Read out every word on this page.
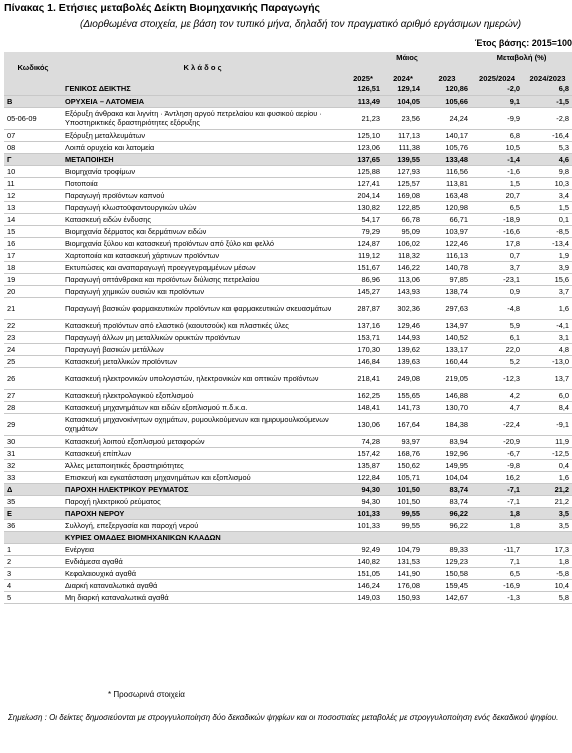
Πίνακας 1. Ετήσιες μεταβολές Δείκτη Βιομηχανικής Παραγωγής
(Διορθωμένα στοιχεία, με βάση τον τυπικό μήνα, δηλαδή τον πραγματικό αριθμό εργάσιμων ημερών)
Έτος βάσης: 2015=100
Κωδικός	Κ λ ά δ ο ς	Μάιος			Μεταβολή (%)	

		2025*	2024*	2023	2025/2024	2024/2023
	ΓΕΝΙΚΟΣ ΔΕΙΚΤΗΣ	126,51	129,14	120,86	-2,0	6,8
B	ΟΡΥΧΕΙΑ – ΛΑΤΟΜΕΙΑ	113,49	104,05	105,66	9,1	-1,5
05-06-09	Εξόρυξη άνθρακα και λιγνίτη · Άντληση αργού πετρελαίου και φυσικού αερίου · Υποστηρικτικές δραστηριότητες εξόρυξης	21,23	23,56	24,24	-9,9	-2,8
07	Εξόρυξη μεταλλευμάτων	125,10	117,13	140,17	6,8	-16,4
08	Λοιπά ορυχεία και λατομεία	123,06	111,38	105,76	10,5	5,3
Γ	ΜΕΤΑΠΟΙΗΣΗ	137,65	139,55	133,48	-1,4	4,6
10	Βιομηχανία τροφίμων	125,88	127,93	116,56	-1,6	9,8
11	Ποτοποιία	127,41	125,57	113,81	1,5	10,3
12	Παραγωγή προϊόντων καπνού	204,14	169,08	163,48	20,7	3,4
13	Παραγωγή κλωστοϋφαντουργικών υλών	130,82	122,85	120,98	6,5	1,5
14	Κατασκευή ειδών ένδυσης	54,17	66,78	66,71	-18,9	0,1
15	Βιομηχανία δέρματος και δερμάτινων ειδών	79,29	95,09	103,97	-16,6	-8,5
16	Βιομηχανία ξύλου και κατασκευή προϊόντων από ξύλο και φελλό	124,87	106,02	122,46	17,8	-13,4
17	Χαρτοποιία και κατασκευή χάρτινων προϊόντων	119,12	118,32	116,13	0,7	1,9
18	Εκτυπώσεις και αναπαραγωγή προεγγεγραμμένων μέσων	151,67	146,22	140,78	3,7	3,9
19	Παραγωγή οπτάνθρακα και προϊόντων διύλισης πετρελαίου	86,96	113,06	97,85	-23,1	15,6
20	Παραγωγή χημικών ουσιών και προϊόντων	145,27	143,93	138,74	0,9	3,7
21	Παραγωγή βασικών φαρμακευτικών προϊόντων και φαρμακευτικών σκευασμάτων	287,87	302,36	297,63	-4,8	1,6
22	Κατασκευή προϊόντων από ελαστικό (καουτσούκ) και πλαστικές ύλες	137,16	129,46	134,97	5,9	-4,1
23	Παραγωγή άλλων μη μεταλλικών ορυκτών προϊόντων	153,71	144,93	140,52	6,1	3,1
24	Παραγωγή βασικών μετάλλων	170,30	139,62	133,17	22,0	4,8
25	Κατασκευή μεταλλικών προϊόντων	146,84	139,63	160,44	5,2	-13,0
26	Κατασκευή ηλεκτρονικών υπολογιστών, ηλεκτρονικών και οπτικών προϊόντων	218,41	249,08	219,05	-12,3	13,7
27	Κατασκευή ηλεκτρολογικού εξοπλισμού	162,25	155,65	146,88	4,2	6,0
28	Κατασκευή μηχανημάτων και ειδών εξοπλισμού π.δ.κ.α.	148,41	141,73	130,70	4,7	8,4
29	Κατασκευή μηχανοκίνητων οχημάτων, ρυμουλκούμενων και ημιρυμουλκούμενων οχημάτων	130,06	167,64	184,38	-22,4	-9,1
30	Κατασκευή λοιπού εξοπλισμού μεταφορών	74,28	93,97	83,94	-20,9	11,9
31	Κατασκευή επίπλων	157,42	168,76	192,96	-6,7	-12,5
32	Άλλες μεταποιητικές δραστηριότητες	135,87	150,62	149,95	-9,8	0,4
33	Επισκευή και εγκατάσταση μηχανημάτων και εξοπλισμού	122,84	105,71	104,04	16,2	1,6
Δ	ΠΑΡΟΧΗ ΗΛΕΚΤΡΙΚΟΥ ΡΕΥΜΑΤΟΣ	94,30	101,50	83,74	-7,1	21,2
35	Παροχή ηλεκτρικού ρεύματος	94,30	101,50	83,74	-7,1	21,2
E	ΠΑΡΟΧΗ ΝΕΡΟΥ	101,33	99,55	96,22	1,8	3,5
36	Συλλογή, επεξεργασία και παροχή νερού	101,33	99,55	96,22	1,8	3,5
	ΚΥΡΙΕΣ ΟΜΑΔΕΣ ΒΙΟΜΗΧΑΝΙΚΩΝ ΚΛΑΔΩΝ					
1	Ενέργεια	92,49	104,79	89,33	-11,7	17,3
2	Ενδιάμεσα αγαθά	140,82	131,53	129,23	7,1	1,8
3	Κεφαλαιουχικά αγαθά	151,05	141,90	150,58	6,5	-5,8
4	Διαρκή καταναλωτικά αγαθά	146,24	176,08	159,45	-16,9	10,4
5	Μη διαρκή καταναλωτικά αγαθά	149,03	150,93	142,67	-1,3	5,8
* Προσωρινά στοιχεία
Σημείωση : Οι δείκτες δημοσιεύονται με στρογγυλοποίηση δύο δεκαδικών ψηφίων και οι ποσοστιαίες μεταβολές με στρογγυλοποίηση ενός δεκαδικού ψηφίου.
